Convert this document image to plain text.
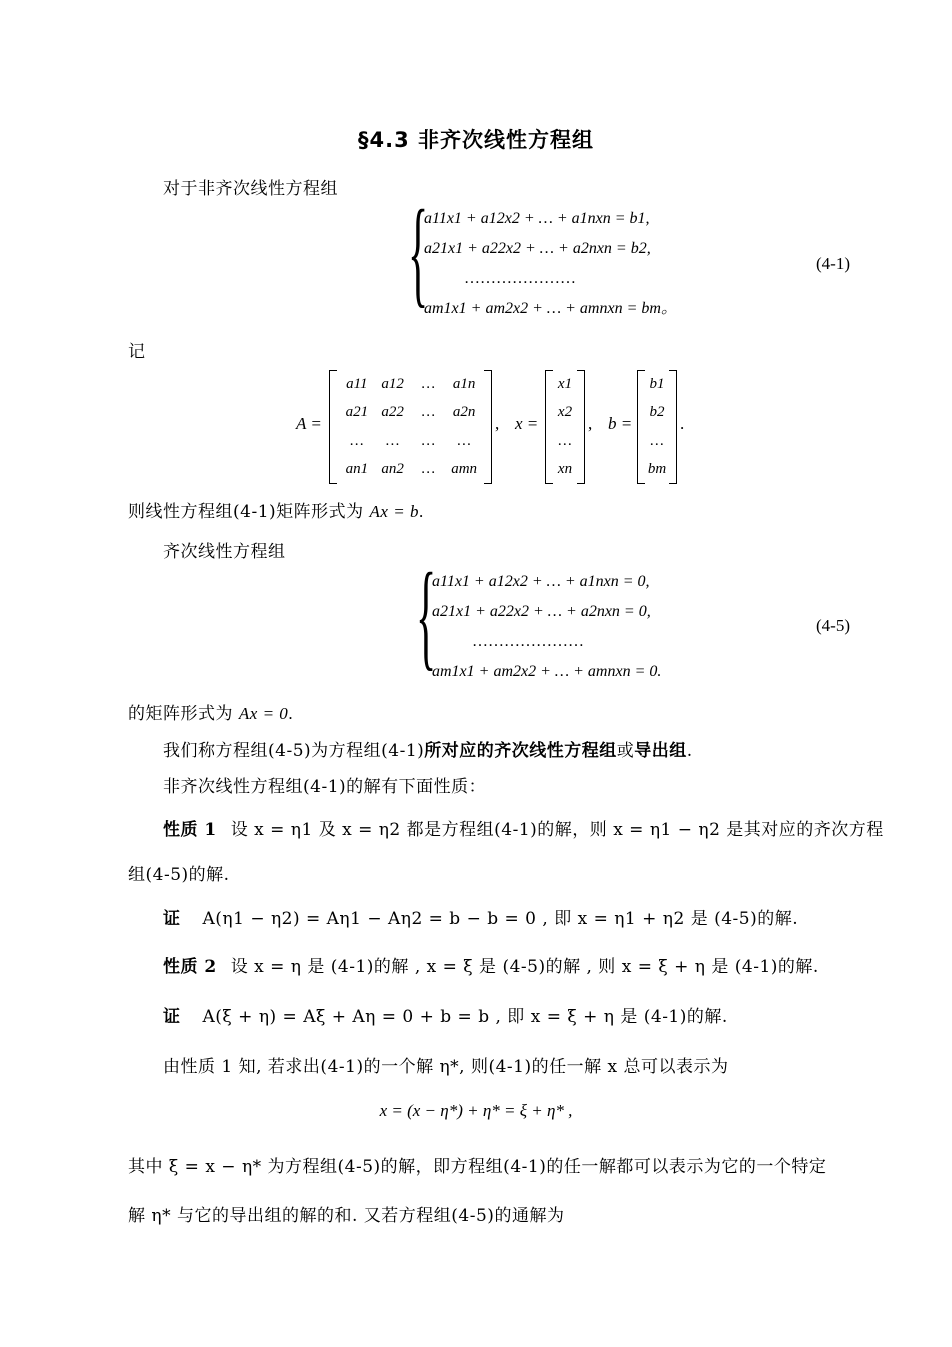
§4.3 非齐次线性方程组
对于非齐次线性方程组 {
a11x1 + a12x2 + … + a1nxn = b1,
a21x1 + a22x2 + … + a2nxn = b2,
…………………
am1x1 + am2x2 + … + amnxn = bm。
(4-1)
记
A =
a11 a12 … a1n
a21 a22 … a2n
… … … …
an1 an2 … amn
, x =
x1
x2
…
xn
, b =
b1
b2
…
bm
.
则线性方程组(4-1)矩阵形式为 Ax = b.
齐次线性方程组 {
a11x1 + a12x2 + … + a1nxn = 0,
a21x1 + a22x2 + … + a2nxn = 0,
…………………
am1x1 + am2x2 + … + amnxn = 0.
(4-5)
的矩阵形式为 Ax = 0.
我们称方程组(4-5)为方程组(4-1)所对应的齐次线性方程组或导出组.
非齐次线性方程组(4-1)的解有下面性质：
性质 1 设 x = η1 及 x = η2 都是方程组(4-1)的解，则 x = η1 − η2 是其对应的齐次方程
组(4-5)的解.
证 A(η1 − η2) = Aη1 − Aη2 = b − b = 0 , 即 x = η1 + η2 是 (4-5)的解.
性质 2 设 x = η 是 (4-1)的解 , x = ξ 是 (4-5)的解 , 则 x = ξ + η 是 (4-1)的解.
证 A(ξ + η) = Aξ + Aη = 0 + b = b , 即 x = ξ + η 是 (4-1)的解.
由性质 1 知, 若求出(4-1)的一个解 η*, 则(4-1)的任一解 x 总可以表示为
x = (x − η*) + η* = ξ + η* ,
其中 ξ = x − η* 为方程组(4-5)的解，即方程组(4-1)的任一解都可以表示为它的一个特定
解 η* 与它的导出组的解的和. 又若方程组(4-5)的通解为
